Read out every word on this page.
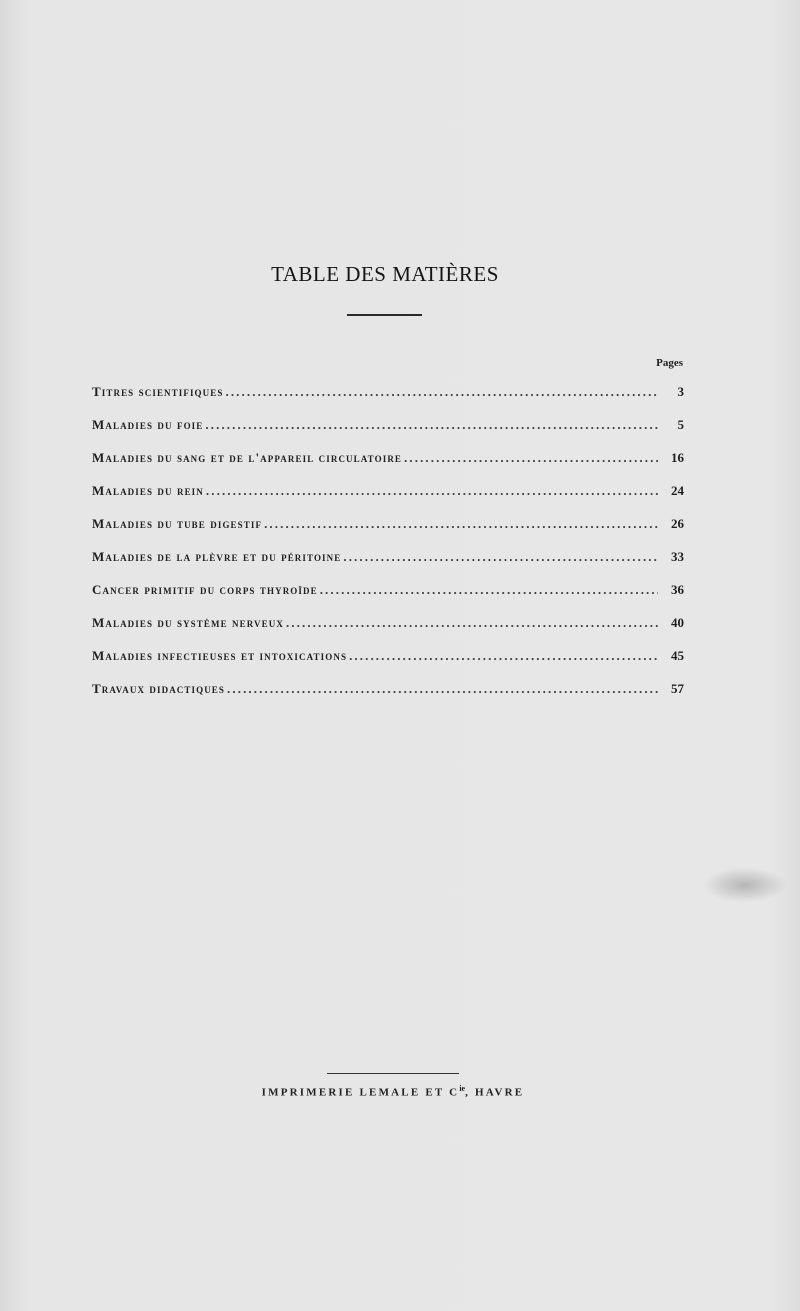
TABLE DES MATIÈRES
Pages
Titres scientifiques .....	3
Maladies du foie .....	5
Maladies du sang et de l'appareil circulatoire .....	16
Maladies du rein .....	24
Maladies du tube digestif .....	26
Maladies de la plèvre et du péritoine .....	33
Cancer primitif du corps thyroïde .....	36
Maladies du système nerveux .....	40
Maladies infectieuses et intoxications .....	45
Travaux didactiques .....	57
IMPRIMERIE LEMALE ET $C^{ie}$, HAVRE
